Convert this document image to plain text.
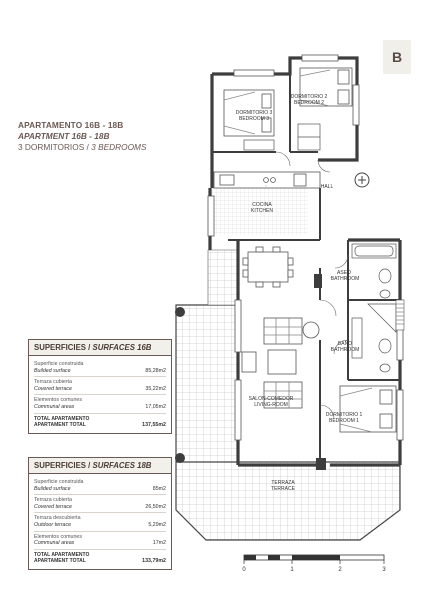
B
APARTAMENTO 16B - 18B
APARTMENT 16B - 18B
3 DORMITORIOS / 3 BEDROOMS
SUPERFICIES / SURFACES 16B
Superficie construida
Builded surface	85,28m2
Terraza cubierta
Covered terrace	35,22m2
Elementos comunes
Communal areas	17,05m2
TOTAL APARTAMENTO
APARTAMENT TOTAL	137,55m2
SUPERFICIES / SURFACES 18B
Superficie construida
Builded surface	85m2
Terraza cubierta
Covered terrace	26,50m2
Terraza descubierta
Outdoor terrace	5,29m2
Elementos comunes
Communal areas	17m2
TOTAL APARTAMENTO
APARTAMENT TOTAL	133,79m2
DORMITORIO 3
BEDROOM 3
DORMITORIO 2
BEDROOM 2
HALL
COCINA
KITCHEN
ASEO
BATHROOM
BAÑO
BATHROOM
SALON-COMEDOR
LIVING-ROOM
DORMITORIO 1
BEDROOM 1
TERRAZA
TERRACE
0	1	2	3
